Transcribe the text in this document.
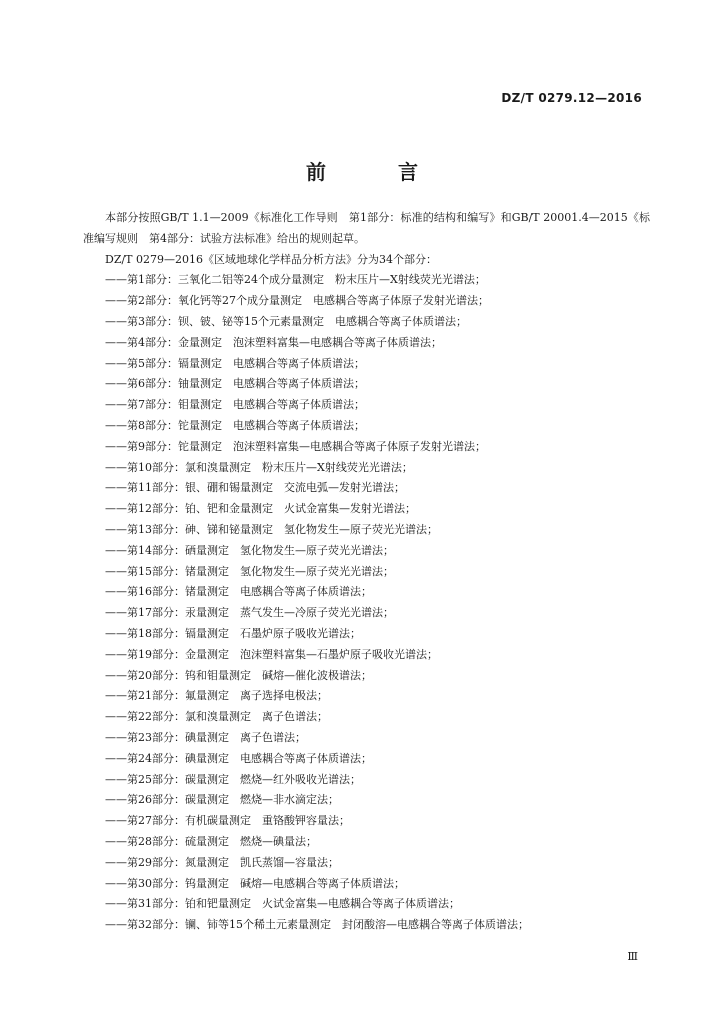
DZ/T 0279.12—2016
前　言

本部分按照GB/T 1.1—2009《标准化工作导则　第1部分：标准的结构和编写》和GB/T 20001.4—2015《标准编写规则　第4部分：试验方法标准》给出的规则起草。

DZ/T 0279—2016《区域地球化学样品分析方法》分为34个部分：

——第1部分：三氧化二铝等24个成分量测定　粉末压片—X射线荧光光谱法；
——第2部分：氧化钙等27个成分量测定　电感耦合等离子体原子发射光谱法；
——第3部分：钡、铍、铋等15个元素量测定　电感耦合等离子体质谱法；
——第4部分：金量测定　泡沫塑料富集—电感耦合等离子体质谱法；
——第5部分：镉量测定　电感耦合等离子体质谱法；
——第6部分：铀量测定　电感耦合等离子体质谱法；
——第7部分：钼量测定　电感耦合等离子体质谱法；
——第8部分：铊量测定　电感耦合等离子体质谱法；
——第9部分：铊量测定　泡沫塑料富集—电感耦合等离子体原子发射光谱法；
——第10部分：氯和溴量测定　粉末压片—X射线荧光光谱法；
——第11部分：银、硼和锡量测定　交流电弧—发射光谱法；
——第12部分：铂、钯和金量测定　火试金富集—发射光谱法；
——第13部分：砷、锑和铋量测定　氢化物发生—原子荧光光谱法；
——第14部分：硒量测定　氢化物发生—原子荧光光谱法；
——第15部分：锗量测定　氢化物发生—原子荧光光谱法；
——第16部分：锗量测定　电感耦合等离子体质谱法；
——第17部分：汞量测定　蒸气发生—冷原子荧光光谱法；
——第18部分：镉量测定　石墨炉原子吸收光谱法；
——第19部分：金量测定　泡沫塑料富集—石墨炉原子吸收光谱法；
——第20部分：钨和钼量测定　碱熔—催化波极谱法；
——第21部分：氟量测定　离子选择电极法；
——第22部分：氯和溴量测定　离子色谱法；
——第23部分：碘量测定　离子色谱法；
——第24部分：碘量测定　电感耦合等离子体质谱法；
——第25部分：碳量测定　燃烧—红外吸收光谱法；
——第26部分：碳量测定　燃烧—非水滴定法；
——第27部分：有机碳量测定　重铬酸钾容量法；
——第28部分：硫量测定　燃烧—碘量法；
——第29部分：氮量测定　凯氏蒸馏—容量法；
——第30部分：钨量测定　碱熔—电感耦合等离子体质谱法；
——第31部分：铂和钯量测定　火试金富集—电感耦合等离子体质谱法；
——第32部分：镧、铈等15个稀土元素量测定　封闭酸溶—电感耦合等离子体质谱法；
Ⅲ
